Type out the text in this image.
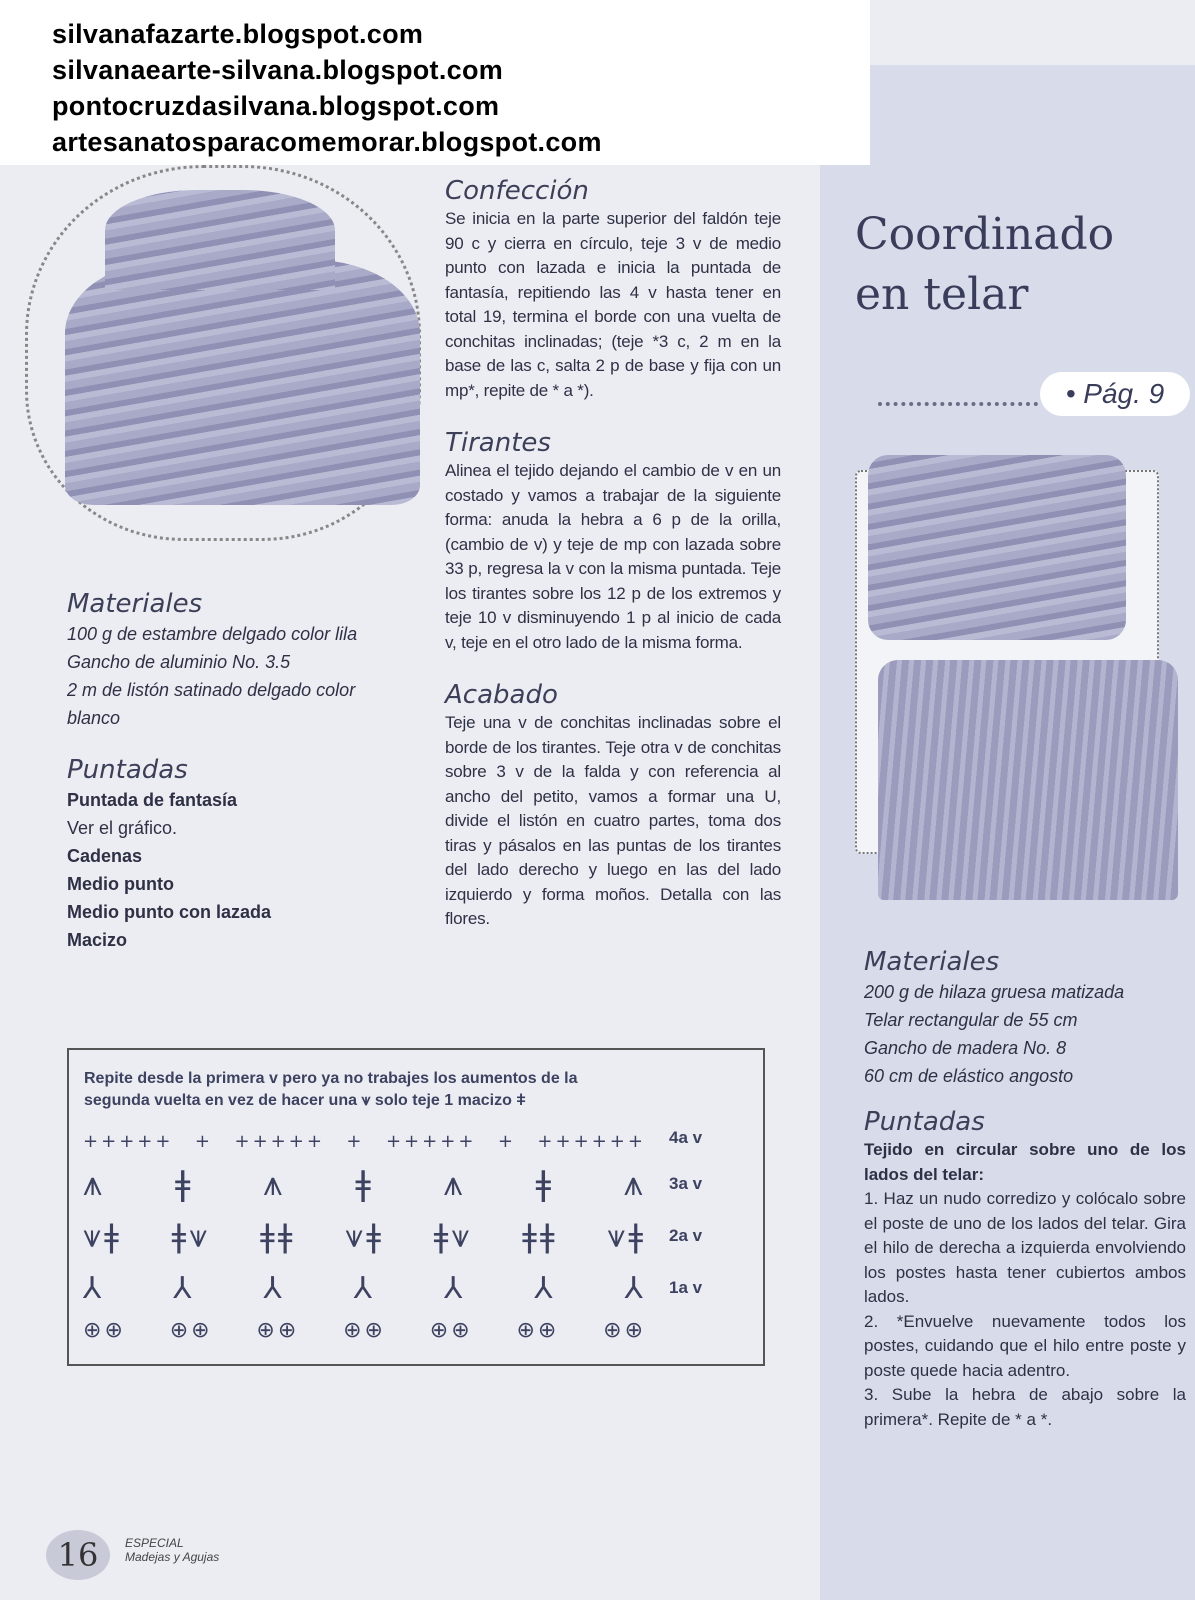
silvanafazarte.blogspot.com
silvanaearte-silvana.blogspot.com
pontocruzdasilvana.blogspot.com
artesanatosparacomemorar.blogspot.com
Materiales
100 g de estambre delgado color lila
Gancho de aluminio No. 3.5
2 m de listón satinado delgado color
blanco
Puntadas
Puntada de fantasía
Ver el gráfico.
Cadenas
Medio punto
Medio punto con lazada
Macizo
Confección
Se inicia en la parte superior del faldón teje 90 c y cierra en círculo, teje 3 v de medio punto con lazada e inicia la puntada de fantasía, repitiendo las 4 v hasta tener en total 19, termina el borde con una vuelta de conchitas inclinadas; (teje *3 c, 2 m en la base de las c, salta 2 p de base y fija con un mp*, repite de * a *).
Tirantes
Alinea el tejido dejando el cambio de v en un costado y vamos a trabajar de la siguiente forma: anuda la hebra a 6 p de la orilla, (cambio de v) y teje de mp con lazada sobre 33 p, regresa la v con la misma puntada. Teje los tirantes sobre los 12 p de los extremos y teje 10 v disminuyendo 1 p al inicio de cada v, teje en el otro lado de la misma forma.
Acabado
Teje una v de conchitas inclinadas sobre el borde de los tirantes. Teje otra v de conchitas sobre 3 v de la falda y con referencia al ancho del petito, vamos a formar una U, divide el listón en cuatro partes, toma dos tiras y pásalos en las puntas de los tirantes del lado derecho y luego en las del lado izquierdo y forma moños. Detalla con las flores.
Repite desde la primera v pero ya no trabajes los aumentos de la
segunda vuelta en vez de hacer una ⩛ solo teje 1 macizo ǂ
+ + + + + + + + + + + + + + + + + + + + + + + +
⩚ ǂ ⩚ ǂ ⩚ ǂ ⩚
⩛ ǂ ǂ ⩛ ǂ ǂ ⩛ ǂ ǂ ⩛ ǂ ǂ ⩛ ǂ
⅄ ⅄ ⅄ ⅄ ⅄ ⅄ ⅄
⊕ ⊕ ⊕ ⊕ ⊕ ⊕ ⊕ ⊕ ⊕ ⊕ ⊕ ⊕ ⊕ ⊕
4a v
3a v
2a v
1a v
Coordinado
en telar
• Pág. 9
Materiales
200 g de hilaza gruesa matizada
Telar rectangular de 55 cm
Gancho de madera No. 8
60 cm de elástico angosto
Puntadas
Tejido en circular sobre uno de los lados del telar:
1. Haz un nudo corredizo y colócalo sobre el poste de uno de los lados del telar. Gira el hilo de derecha a izquierda envolviendo los postes hasta tener cubiertos ambos lados.
2. *Envuelve nuevamente todos los postes, cuidando que el hilo entre poste y poste quede hacia adentro.
3. Sube la hebra de abajo sobre la primera*. Repite de * a *.
16	ESPECIAL
Madejas y Agujas
